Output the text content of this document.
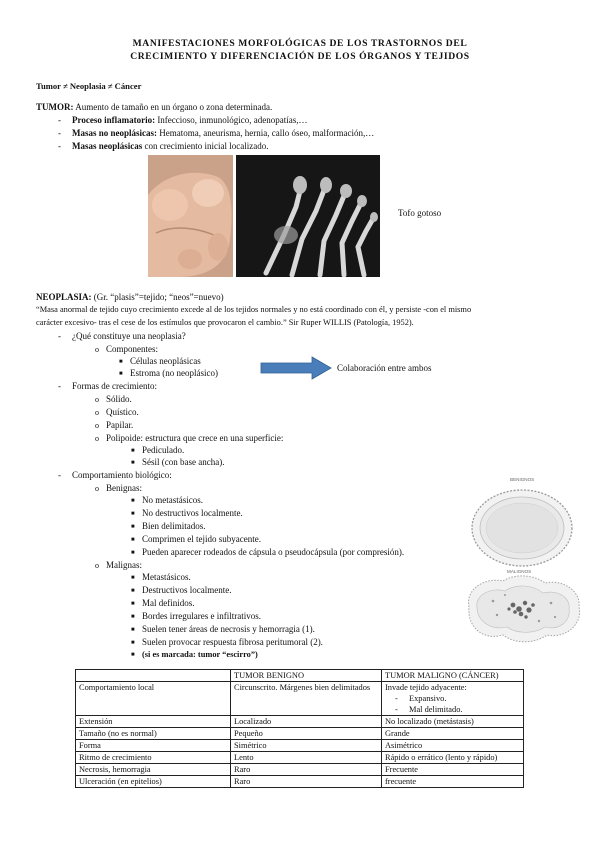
MANIFESTACIONES MORFOLÓGICAS DE LOS TRASTORNOS DEL
CRECIMIENTO Y DIFERENCIACIÓN DE LOS ÓRGANOS Y TEJIDOS
Tumor ≠ Neoplasia ≠ Cáncer
TUMOR: Aumento de tamaño en un órgano o zona determinada.
- Proceso inflamatorio: Infeccioso, inmunológico, adenopatías,…
- Masas no neoplásicas: Hematoma, aneurisma, hernia, callo óseo, malformación,…
- Masas neoplásicas con crecimiento inicial localizado.
Tofo gotoso
NEOPLASIA: (Gr. “plasis”=tejido; “neos”=nuevo)
“Masa anormal de tejido cuyo crecimiento excede al de los tejidos normales y no está coordinado con él, y persiste -con el mismo
carácter excesivo- tras el cese de los estímulos que provocaron el cambio.” Sir Ruper WILLIS (Patología, 1952).
- ¿Qué constituye una neoplasia?
o Componentes:
■ Células neoplásicas
■ Estroma (no neoplásico)	Colaboración entre ambos
- Formas de crecimiento:
o Sólido.
o Quístico.
o Papilar.
o Polipoide: estructura que crece en una superficie:
■ Pediculado.
■ Sésil (con base ancha).
- Comportamiento biológico:
o Benignas:
■ No metastásicos.
■ No destructivos localmente.
■ Bien delimitados.
■ Comprimen el tejido subyacente.
■ Pueden aparecer rodeados de cápsula o pseudocápsula (por compresión).
o Malignas:
■ Metastásicos.
■ Destructivos localmente.
■ Mal definidos.
■ Bordes irregulares e infiltrativos.
■ Suelen tener áreas de necrosis y hemorragia (1).
■ Suelen provocar respuesta fibrosa peritumoral (2).
■ (si es marcada: tumor “escirro”)
BENIGNOS
MALIGNOS
	TUMOR BENIGNO	TUMOR MALIGNO (CÁNCER)
Comportamiento local	Circunscrito. Márgenes bien delimitados	Invade tejido adyacente:
- Expansivo.
- Mal delimitado.

Extensión	Localizado	No localizado (metástasis)
Tamaño (no es normal)	Pequeño	Grande
Forma	Simétrico	Asimétrico
Ritmo de crecimiento	Lento	Rápido o errático (lento y rápido)
Necrosis, hemorragia	Raro	Frecuente
Ulceración (en epitelios)	Raro	frecuente
